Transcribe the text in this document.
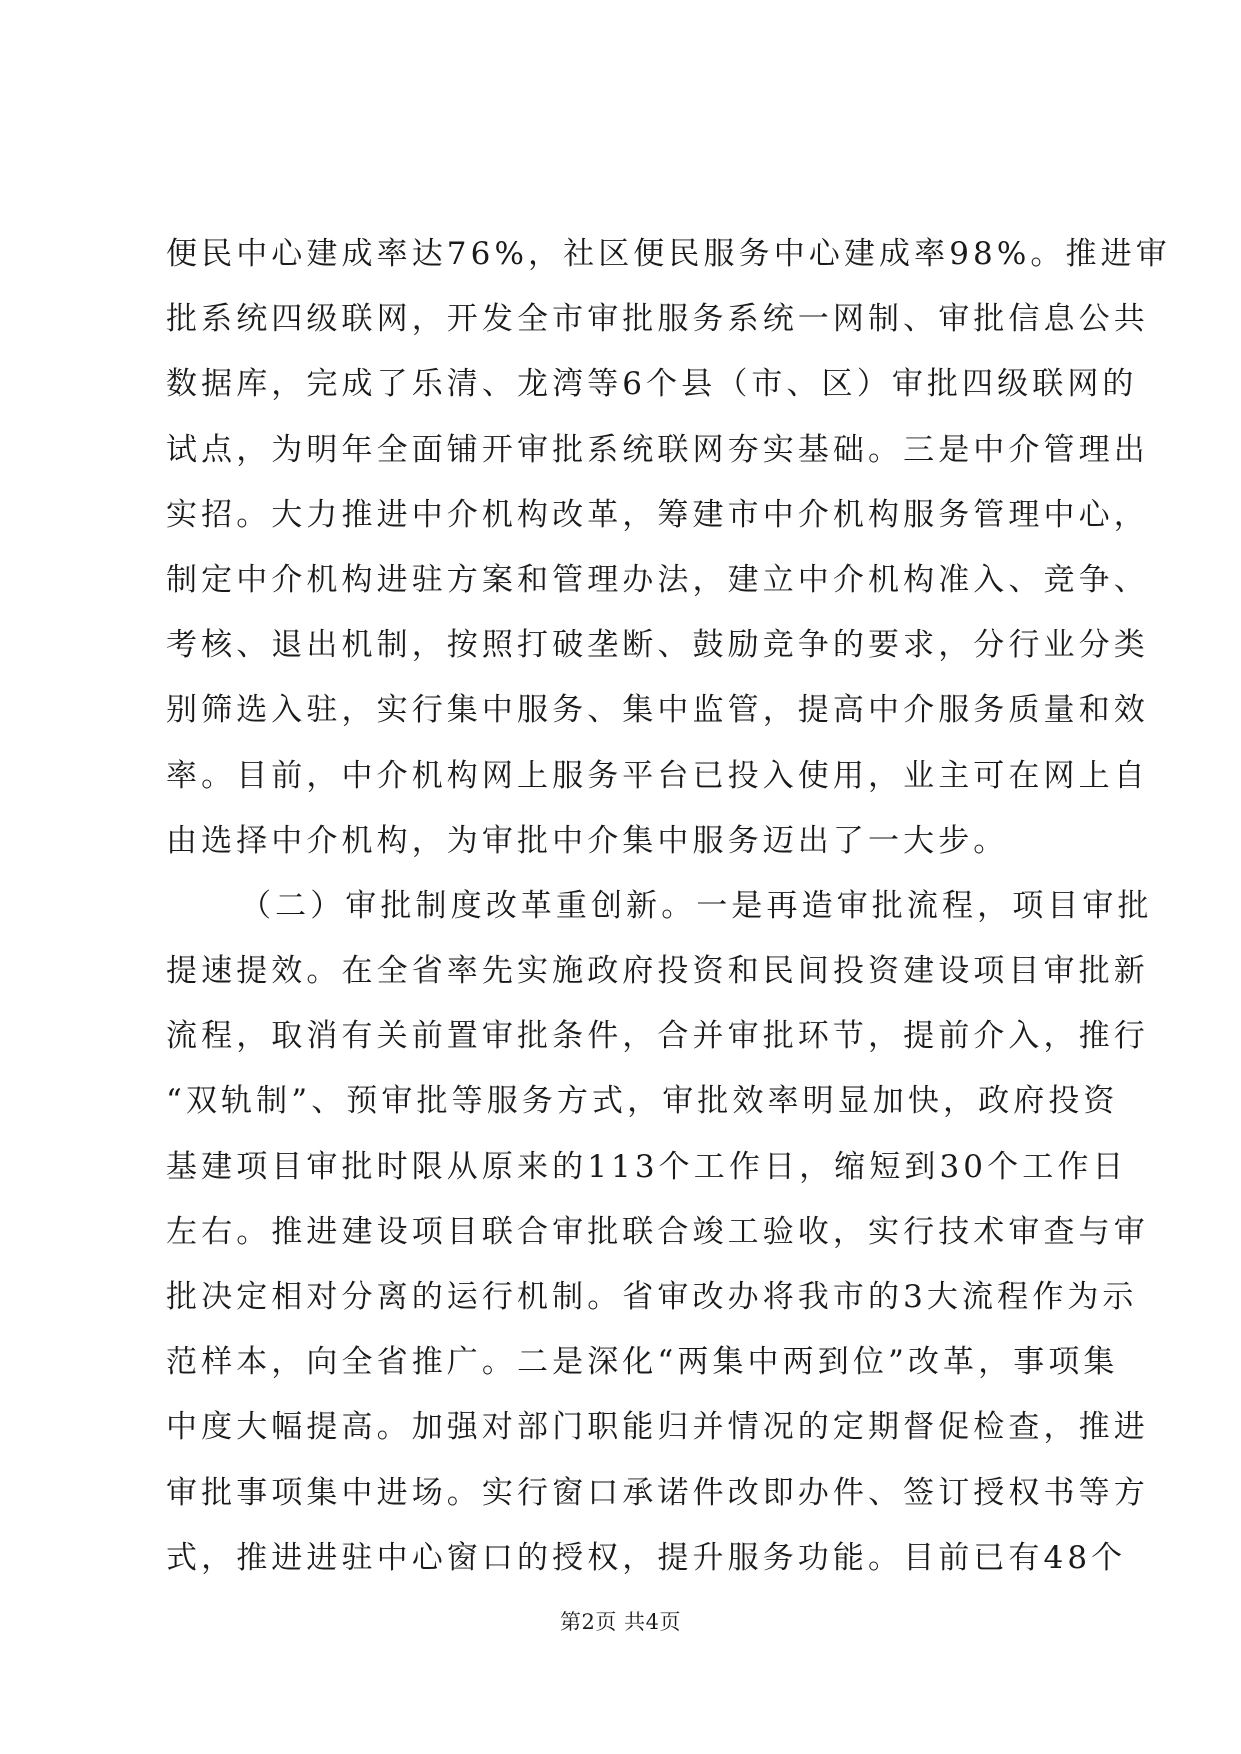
便民中心建成率达76%，社区便民服务中心建成率98%。推进审
批系统四级联网，开发全市审批服务系统一网制、审批信息公共
数据库，完成了乐清、龙湾等6个县（市、区）审批四级联网的
试点，为明年全面铺开审批系统联网夯实基础。三是中介管理出
实招。大力推进中介机构改革，筹建市中介机构服务管理中心，
制定中介机构进驻方案和管理办法，建立中介机构准入、竞争、
考核、退出机制，按照打破垄断、鼓励竞争的要求，分行业分类
别筛选入驻，实行集中服务、集中监管，提高中介服务质量和效
率。目前，中介机构网上服务平台已投入使用，业主可在网上自
由选择中介机构，为审批中介集中服务迈出了一大步。
（二）审批制度改革重创新。一是再造审批流程，项目审批
提速提效。在全省率先实施政府投资和民间投资建设项目审批新
流程，取消有关前置审批条件，合并审批环节，提前介入，推行
“双轨制”、预审批等服务方式，审批效率明显加快，政府投资
基建项目审批时限从原来的113个工作日，缩短到30个工作日
左右。推进建设项目联合审批联合竣工验收，实行技术审查与审
批决定相对分离的运行机制。省审改办将我市的3大流程作为示
范样本，向全省推广。二是深化“两集中两到位”改革，事项集
中度大幅提高。加强对部门职能归并情况的定期督促检查，推进
审批事项集中进场。实行窗口承诺件改即办件、签订授权书等方
式，推进进驻中心窗口的授权，提升服务功能。目前已有48个
第2页 共4页
